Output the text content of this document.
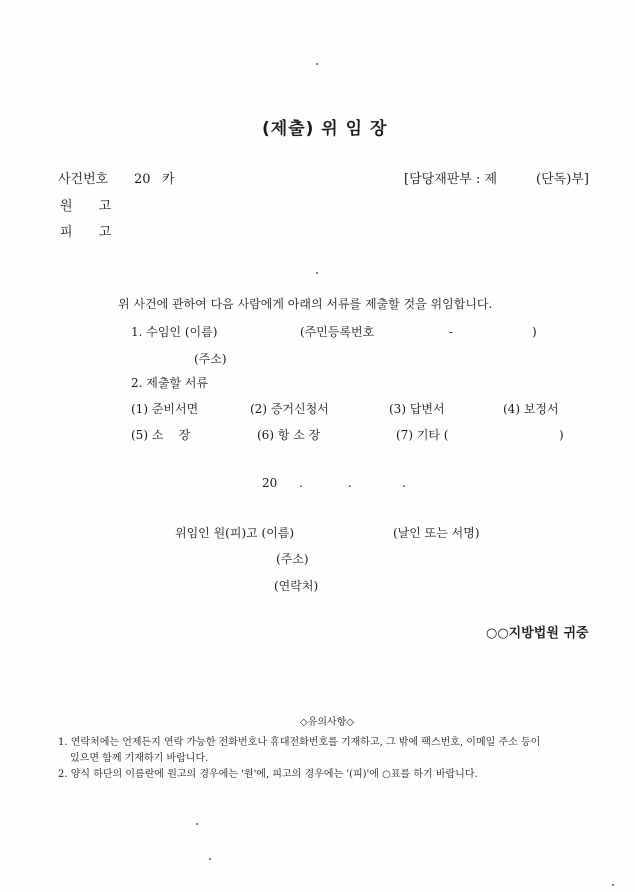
(제출) 위 임 장
사건번호 20 카	[담당재판부 : 제	(단독)부]
원 고
피 고
위 사건에 관하여 다음 사람에게 아래의 서류를 제출할 것을 위임합니다.
1. 수임인 (이름)	(주민등록번호	-	)
(주소)
2. 제출할 서류
(1) 준비서면	(2) 증거신청서	(3) 답변서	(4) 보정서
(5) 소    장	(6) 항 소 장	(7) 기타 (	)
20 .	.	.
위임인 원(피)고 (이름)	(날인 또는 서명)
(주소)
(연락처)
○○지방법원 귀중
◇유의사항◇
1. 연락처에는 언제든지 연락 가능한 전화번호나 휴대전화번호를 기재하고, 그 밖에 팩스번호, 이메일 주소 등이
있으면 함께 기재하기 바랍니다.
2. 양식 하단의 이름란에 원고의 경우에는 '원'에, 피고의 경우에는 '(피)'에 ○표를 하기 바랍니다.
